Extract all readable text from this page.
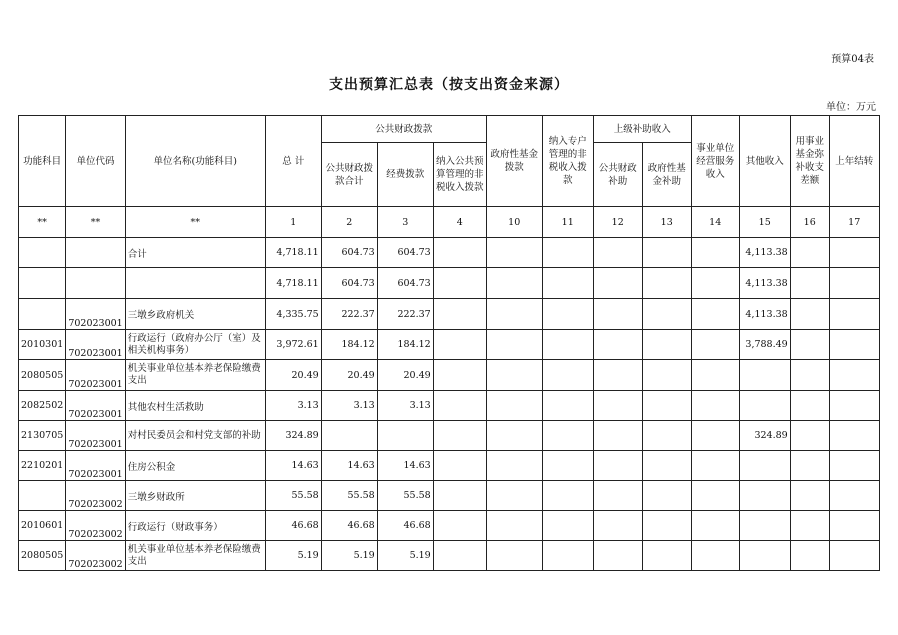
预算04表
支出预算汇总表（按支出资金来源）
单位：万元
功能科目	单位代码	单位名称(功能科目)	总 计	公共财政拨款			政府性基金拨款	纳入专户管理的非税收入拨款	上级补助收入		事业单位经营服务收入	其他收入	用事业基金弥补收支差额	上年结转
				公共财政拨款合计	经费拨款	纳入公共预算管理的非税收入拨款			公共财政补助	政府性基金补助				
**	**	**	1	2	3	4	10	11	12	13	14	15	16	17
		合计	4,718.11	604.73	604.73							4,113.38		
			4,718.11	604.73	604.73							4,113.38		
	702023001	三墩乡政府机关	4,335.75	222.37	222.37							4,113.38		
2010301	702023001	行政运行（政府办公厅（室）及相关机构事务）	3,972.61	184.12	184.12							3,788.49		
2080505	702023001	机关事业单位基本养老保险缴费支出	20.49	20.49	20.49									
2082502	702023001	其他农村生活救助	3.13	3.13	3.13									
2130705	702023001	对村民委员会和村党支部的补助	324.89									324.89		
2210201	702023001	住房公积金	14.63	14.63	14.63									
	702023002	三墩乡财政所	55.58	55.58	55.58									
2010601	702023002	行政运行（财政事务）	46.68	46.68	46.68									
2080505	702023002	机关事业单位基本养老保险缴费支出	5.19	5.19	5.19									
